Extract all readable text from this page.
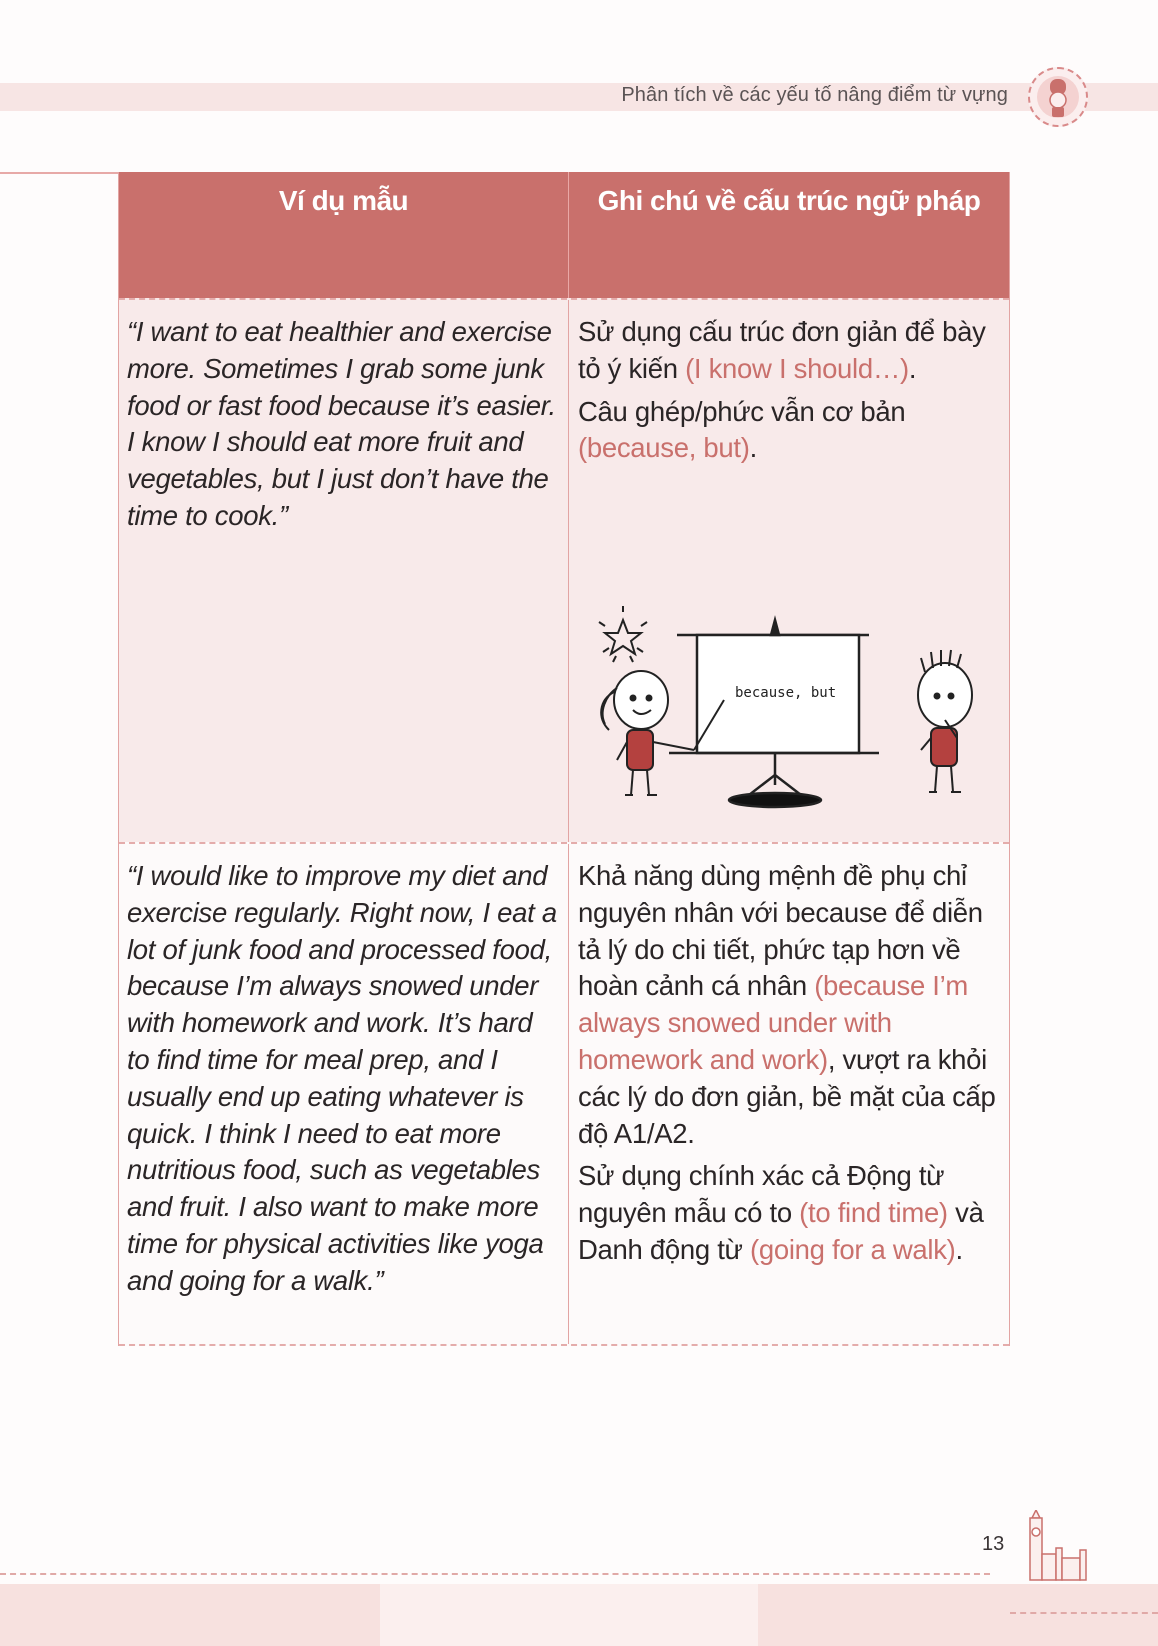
Phân tích về các yếu tố nâng điểm từ vựng
Ví dụ mẫu	Ghi chú về cấu trúc ngữ pháp

“I want to eat healthier and exercise more. Sometimes I grab some junk food or fast food because it’s easier. I know I should eat more fruit and vegetables, but I just don’t have the time to cook.”

Sử dụng cấu trúc đơn giản để bày tỏ ý kiến (I know I should…).

Câu ghép/phức vẫn cơ bản (because, but).

because, but

“I would like to improve my diet and exercise regularly. Right now, I eat a lot of junk food and processed food, because I’m always snowed under with homework and work. It’s hard to find time for meal prep, and I usually end up eating whatever is quick. I think I need to eat more nutritious food, such as vegetables and fruit. I also want to make more time for physical activities like yoga and going for a walk.”

Khả năng dùng mệnh đề phụ chỉ nguyên nhân với because để diễn tả lý do chi tiết, phức tạp hơn về hoàn cảnh cá nhân (because I’m always snowed under with homework and work), vượt ra khỏi các lý do đơn giản, bề mặt của cấp độ A1/A2.

Sử dụng chính xác cả Động từ nguyên mẫu có to (to find time) và Danh động từ (going for a walk).

13
